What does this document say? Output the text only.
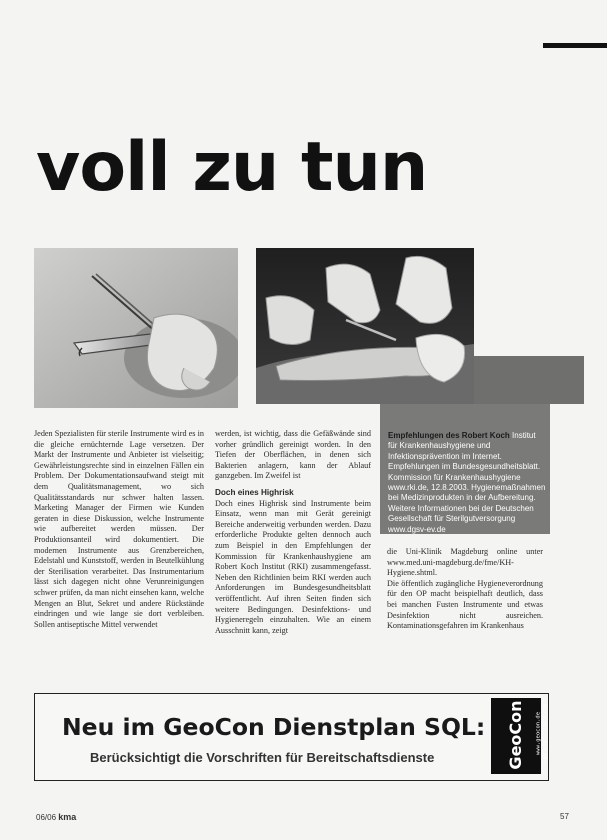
voll zu tun

Jeden Spezialisten für sterile Instrumente wird es in die gleiche ernüchternde Lage versetzen. Der Markt der Instrumente und Anbieter ist vielseitig; Gewährleistungsrechte sind in einzelnen Fällen ein Problem. Der Dokumentationsaufwand steigt mit dem Qualitätsmanagement, wo sich Qualitätsstandards nur schwer halten lassen. Marketing Manager der Firmen wie Kunden geraten in diese Diskussion, welche Instrumente wie aufbereitet werden müssen. Der Produktionsanteil wird dokumentiert. Die modernen Instrumente aus Grenzbereichen, Edelstahl und Kunststoff, werden in Beutelkühlung der Sterilisation verarbeitet. Das Instrumentarium lässt sich dagegen nicht ohne Verunreinigungen schwer prüfen, da man nicht einsehen kann, welche Mengen an Blut, Sekret und andere Rückstände eindringen und wie lange sie dort verbleiben. Sollen antiseptische Mittel verwendet

werden, ist wichtig, dass die Gefäßwände sind vorher gründlich gereinigt worden. In den Tiefen der Oberflächen, in denen sich Bakterien anlagern, kann der Ablauf ganzgeben. Im Zweifel ist

Doch eines Highrisk

Doch eines Highrisk sind Instrumente beim Einsatz, wenn man mit Gerät gereinigt Bereiche anderweitig verbunden werden. Dazu erforderliche Produkte gelten dennoch auch zum Beispiel in den Empfehlungen der Kommission für Krankenhaushygiene am Robert Koch Institut (RKI) zusammengefasst. Neben den Richtlinien beim RKI werden auch Anforderungen im Bundesgesundheitsblatt veröffentlicht. Auf ihren Seiten finden sich weitere Bedingungen. Desinfektions- und Hygieneregeln einzuhalten. Wie an einem Ausschnitt kann, zeigt

Empfehlungen des Robert Koch Institut für Krankenhaushygiene und Infektionsprävention im Internet. Empfehlungen im Bundesgesundheitsblatt. Kommission für Krankenhaushygiene www.rki.de, 12.8.2003. Hygienemaßnahmen bei Medizinprodukten in der Aufbereitung. Weitere Informationen bei der Deutschen Gesellschaft für Sterilgutversorgung www.dgsv-ev.de

die Uni-Klinik Magdeburg online unter www.med.uni-magdeburg.de/fme/KH-Hygiene.shtml.

Die öffentlich zugängliche Hygieneverordnung für den OP macht beispielhaft deutlich, dass bei manchen Fusten Instrumente und etwas Desinfektion nicht ausreichen. Kontaminationsgefahren im Krankenhaus

Neu im GeoCon Dienstplan SQL:
Berücksichtigt die Vorschriften für Bereitschaftsdienste	GeoCon www.geocon.de +49 030 - 69625698
06/06 kma	57
